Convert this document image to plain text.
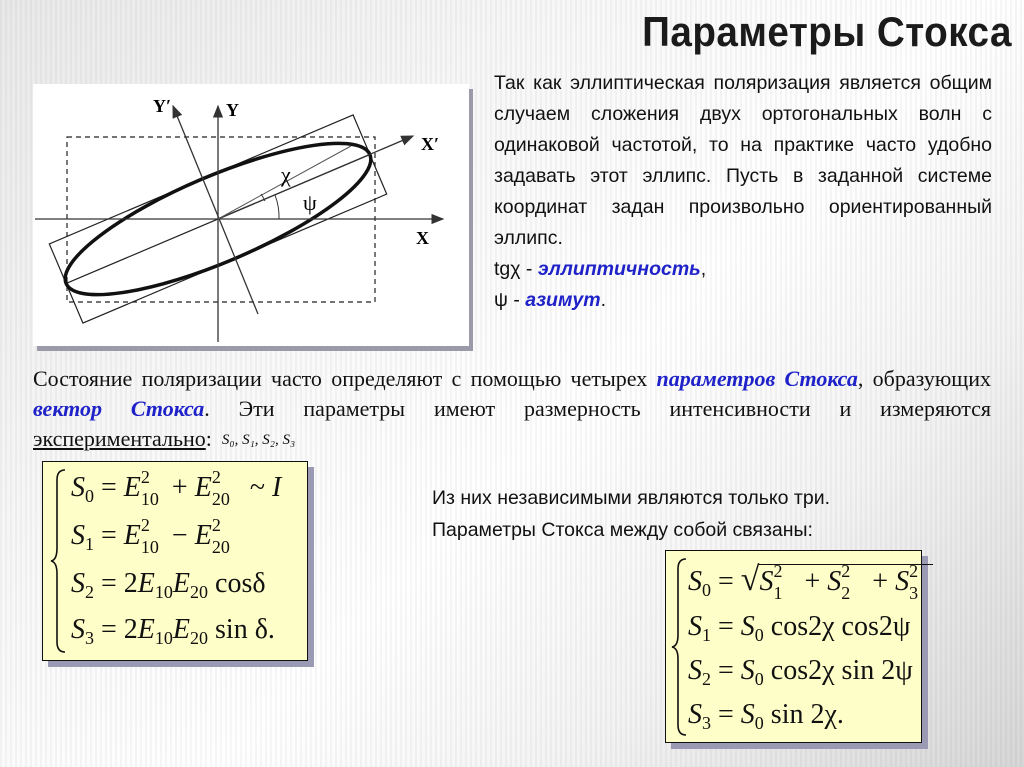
Параметры Стокса
Y′	Y
X′
X
χ
ψ

Так как эллиптическая поляризация является общим случаем сложения двух ортогональных волн с одинаковой частотой, то на практике часто удобно задавать этот эллипс. Пусть в заданной системе координат задан произвольно ориентированный эллипс.

tgχ - эллиптичность,

ψ - азимут.

Состояние поляризации часто определяют с помощью четырех параметров Стокса, образующих вектор Стокса. Эти параметры имеют размерность интенсивности и измеряются экспериментально: S₀, S₁, S₂, S₃
$S_0 = E$ 2
10 + E 2
20 ~ I
$S_1 = E$ 2
10 − E 2
20
$S_2 = 2E_{10}E_{20}$ cosδ
$S_3 = 2E_{10}E_{20}$ sin δ.

Из них независимыми являются только три.

Параметры Стокса между собой связаны:

$S_0 = √S$ 2
1 + S 2
2 + S 2
3
$S_1 = S_0$ cos2χ cos2ψ
$S_2 = S_0$ cos2χ sin 2ψ
$S_3 = S_0$ sin 2χ.
